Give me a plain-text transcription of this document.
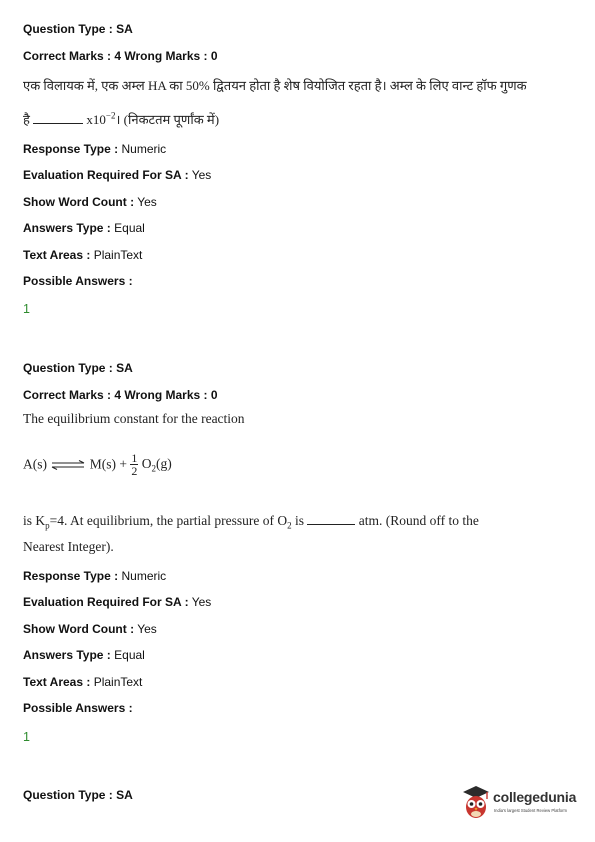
Question Type : SA
Correct Marks : 4 Wrong Marks : 0
एक विलायक में, एक अम्ल HA का 50% द्वितयन होता है शेष वियोजित रहता है। अम्ल के लिए वान्ट हॉफ गुणक
है	$x10^{-2}।$ (निकटतम पूर्णांक में)
Response Type : Numeric
Evaluation Required For SA : Yes
Show Word Count : Yes
Answers Type : Equal
Text Areas : PlainText
Possible Answers :
1
Question Type : SA
Correct Marks : 4 Wrong Marks : 0
The equilibrium constant for the reaction
A(s) ⇌ $M(s) + \frac{1}{2} O_2(g)$
is $K_p=4$. At equilibrium, the partial pressure of $O_2$ is	atm. (Round off to the
Nearest Integer).
Response Type : Numeric
Evaluation Required For SA : Yes
Show Word Count : Yes
Answers Type : Equal
Text Areas : PlainText
Possible Answers :
1
Question Type : SA	collegedunia
India's largest Student Review Platform
